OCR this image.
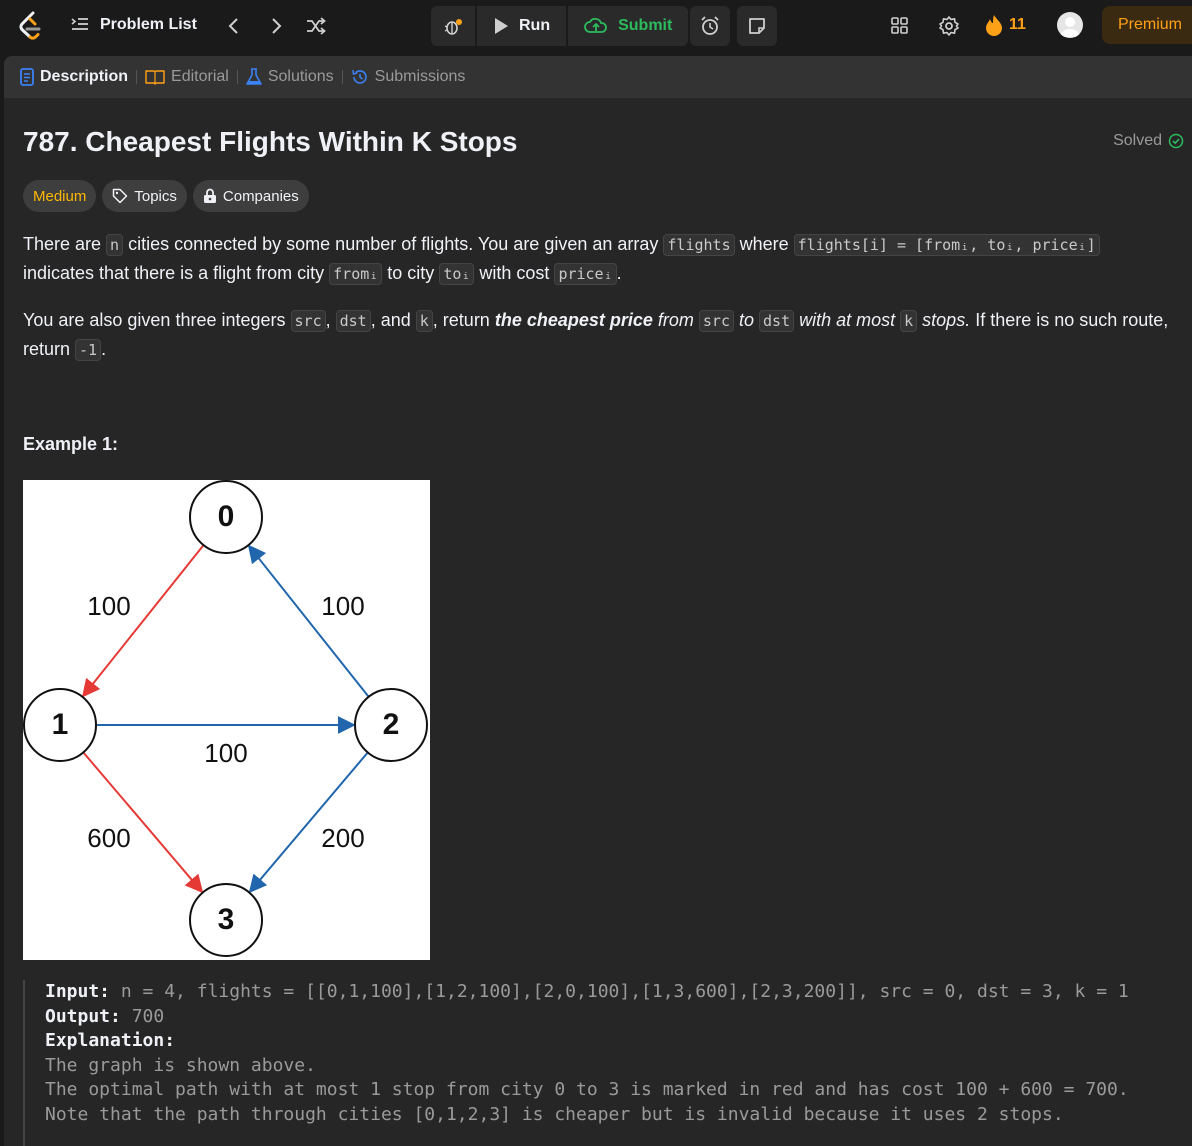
Problem List	Run	Submit	11	Premium
Description	Editorial Solutions	Submissions
787. Cheapest Flights Within K Stops	Solved
Medium	Topics	Companies
There are n cities connected by some number of flights. You are given an array flights where flights[i] = [fromᵢ, toᵢ, priceᵢ] indicates that there is a flight from city fromᵢ to city toᵢ with cost priceᵢ .
You are also given three integers src , dst , and k , return the cheapest price from src to dst with at most k stops. If there is no such route, return -1 .
Example 1:
100	100
100
600	200
0
1	2
3
Input: n = 4, flights = [[0,1,100],[1,2,100],[2,0,100],[1,3,600],[2,3,200]], src = 0, dst = 3, k = 1
Output: 700
Explanation:
The graph is shown above.
The optimal path with at most 1 stop from city 0 to 3 is marked in red and has cost 100 + 600 = 700.
Note that the path through cities [0,1,2,3] is cheaper but is invalid because it uses 2 stops.
